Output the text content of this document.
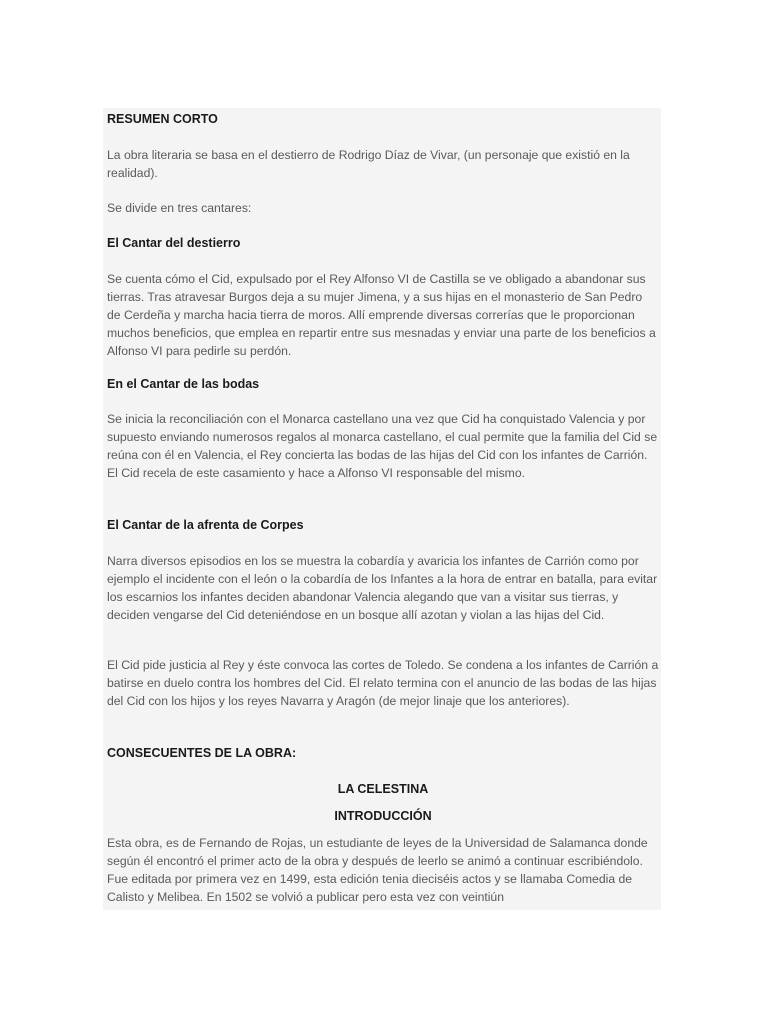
RESUMEN CORTO
La obra literaria se basa en el destierro de Rodrigo Díaz de Vivar, (un personaje que existió en la realidad).
Se divide en tres cantares:
El Cantar del destierro
Se cuenta cómo el Cid, expulsado por el Rey Alfonso VI de Castilla se ve obligado a abandonar sus tierras. Tras atravesar Burgos deja a su mujer Jimena, y a sus hijas en el monasterio de San Pedro de Cerdeña y marcha hacia tierra de moros. Allí emprende diversas correrías que le proporcionan muchos beneficios, que emplea en repartir entre sus mesnadas y enviar una parte de los beneficios a Alfonso VI para pedirle su perdón.
En el Cantar de las bodas
Se inicia la reconciliación con el Monarca castellano una vez que Cid ha conquistado Valencia y por supuesto enviando numerosos regalos al monarca castellano, el cual permite que la familia del Cid se reúna con él en Valencia, el Rey concierta las bodas de las hijas del Cid con los infantes de Carrión. El Cid recela de este casamiento y hace a Alfonso VI responsable del mismo.
El Cantar de la afrenta de Corpes
Narra diversos episodios en los se muestra la cobardía y avaricia los infantes de Carrión como por ejemplo el incidente con el león o la cobardía de los Infantes a la hora de entrar en batalla, para evitar los escarnios los infantes deciden abandonar Valencia alegando que van a visitar sus tierras, y deciden vengarse del Cid deteniéndose en un bosque allí azotan y violan a las hijas del Cid.
El Cid pide justicia al Rey y éste convoca las cortes de Toledo. Se condena a los infantes de Carrión a batirse en duelo contra los hombres del Cid. El relato termina con el anuncio de las bodas de las hijas del Cid con los hijos y los reyes Navarra y Aragón (de mejor linaje que los anteriores).
CONSECUENTES DE LA OBRA:
LA CELESTINA
INTRODUCCIÓN
Esta obra, es de Fernando de Rojas, un estudiante de leyes de la Universidad de Salamanca donde según él encontró el primer acto de la obra y después de leerlo se animó a continuar escribiéndolo. Fue editada por primera vez en 1499, esta edición tenia dieciséis actos y se llamaba Comedia de Calisto y Melibea. En 1502 se volvió a publicar pero esta vez con veintiún
